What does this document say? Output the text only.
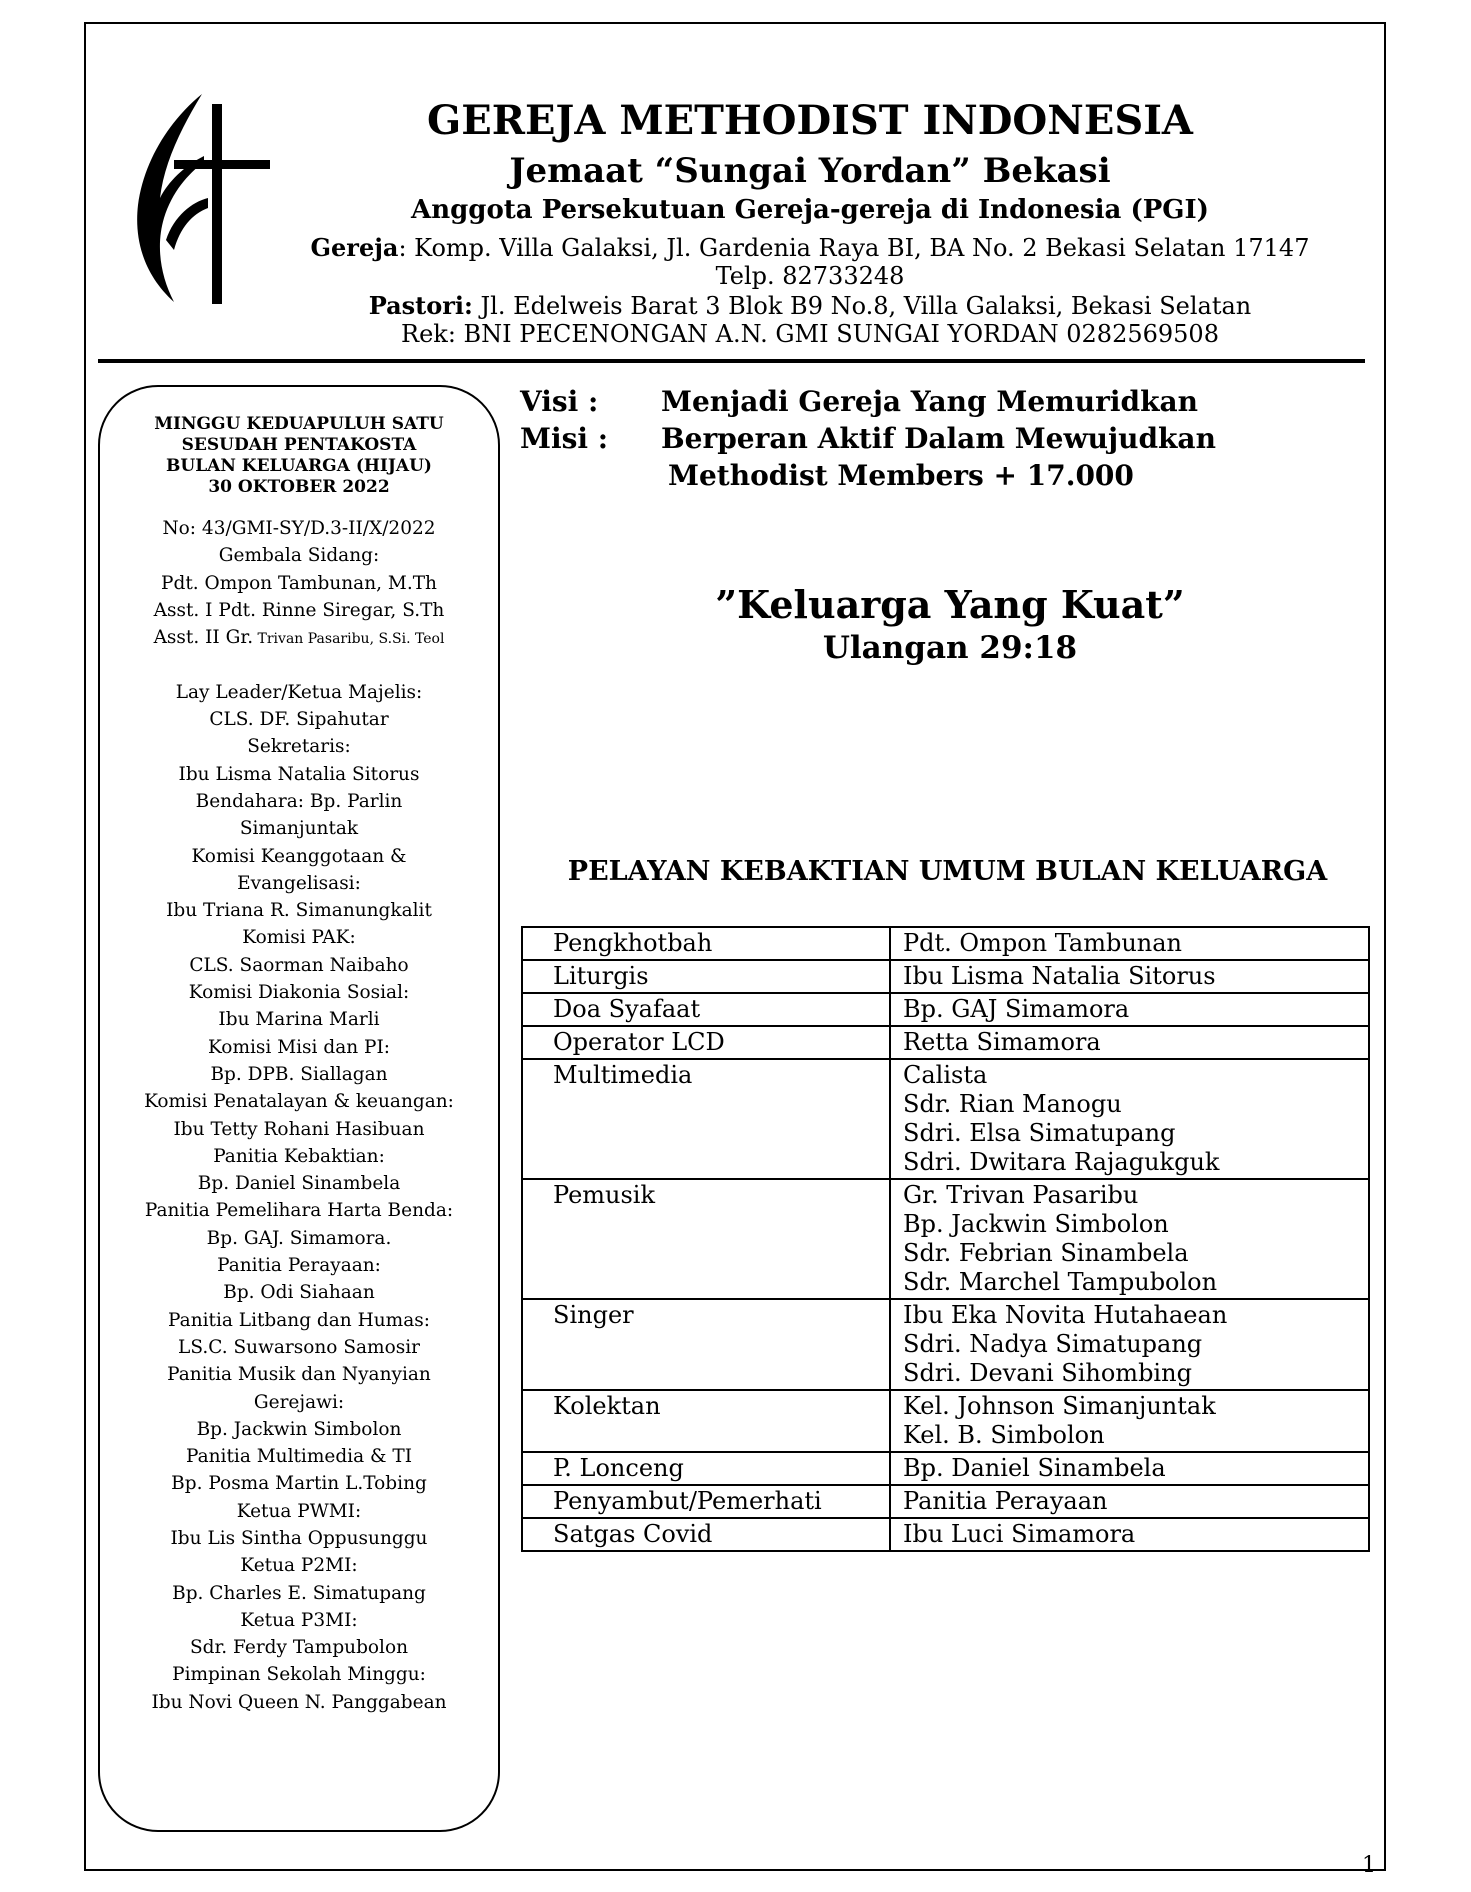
GEREJA METHODIST INDONESIA
Jemaat “Sungai Yordan” Bekasi
Anggota Persekutuan Gereja-gereja di Indonesia (PGI)
Gereja: Komp. Villa Galaksi, Jl. Gardenia Raya BI, BA No. 2 Bekasi Selatan 17147
Telp. 82733248
Pastori: Jl. Edelweis Barat 3 Blok B9 No.8, Villa Galaksi, Bekasi Selatan
Rek: BNI PECENONGAN A.N. GMI SUNGAI YORDAN 0282569508
MINGGU KEDUAPULUH SATU
SESUDAH PENTAKOSTA
BULAN KELUARGA (HIJAU)
30 OKTOBER 2022
No: 43/GMI-SY/D.3-II/X/2022
Gembala Sidang:
Pdt. Ompon Tambunan, M.Th
Asst. I Pdt. Rinne Siregar, S.Th
Asst. II Gr. Trivan Pasaribu, S.Si. Teol
Lay Leader/Ketua Majelis:
CLS. DF. Sipahutar
Sekretaris:
Ibu Lisma Natalia Sitorus
Bendahara: Bp. Parlin
Simanjuntak
Komisi Keanggotaan &
Evangelisasi:
Ibu Triana R. Simanungkalit
Komisi PAK:
CLS. Saorman Naibaho
Komisi Diakonia Sosial:
Ibu Marina Marli
Komisi Misi dan PI:
Bp. DPB. Siallagan
Komisi Penatalayan & keuangan:
Ibu Tetty Rohani Hasibuan
Panitia Kebaktian:
Bp. Daniel Sinambela
Panitia Pemelihara Harta Benda:
Bp. GAJ. Simamora.
Panitia Perayaan:
Bp. Odi Siahaan
Panitia Litbang dan Humas:
LS.C. Suwarsono Samosir
Panitia Musik dan Nyanyian
Gerejawi:
Bp. Jackwin Simbolon
Panitia Multimedia & TI
Bp. Posma Martin L.Tobing
Ketua PWMI:
Ibu Lis Sintha Oppusunggu
Ketua P2MI:
Bp. Charles E. Simatupang
Ketua P3MI:
Sdr. Ferdy Tampubolon
Pimpinan Sekolah Minggu:
Ibu Novi Queen N. Panggabean
Visi : Menjadi Gereja Yang Memuridkan
Misi : Berperan Aktif Dalam Mewujudkan
Methodist Members + 17.000
”Keluarga Yang Kuat”
Ulangan 29:18
PELAYAN KEBAKTIAN UMUM BULAN KELUARGA
Pengkhotbah	Pdt. Ompon Tambunan

Liturgis	Ibu Lisma Natalia Sitorus

Doa Syafaat	Bp. GAJ Simamora

Operator LCD	Retta Simamora

Multimedia	Calista
Sdr. Rian Manogu
Sdri. Elsa Simatupang
Sdri. Dwitara Rajagukguk

Pemusik	Gr. Trivan Pasaribu
Bp. Jackwin Simbolon
Sdr. Febrian Sinambela
Sdr. Marchel Tampubolon

Singer	Ibu Eka Novita Hutahaean
Sdri. Nadya Simatupang
Sdri. Devani Sihombing

Kolektan	Kel. Johnson Simanjuntak
Kel. B. Simbolon

P. Lonceng	Bp. Daniel Sinambela

Penyambut/Pemerhati	Panitia Perayaan

Satgas Covid	Ibu Luci Simamora
1
